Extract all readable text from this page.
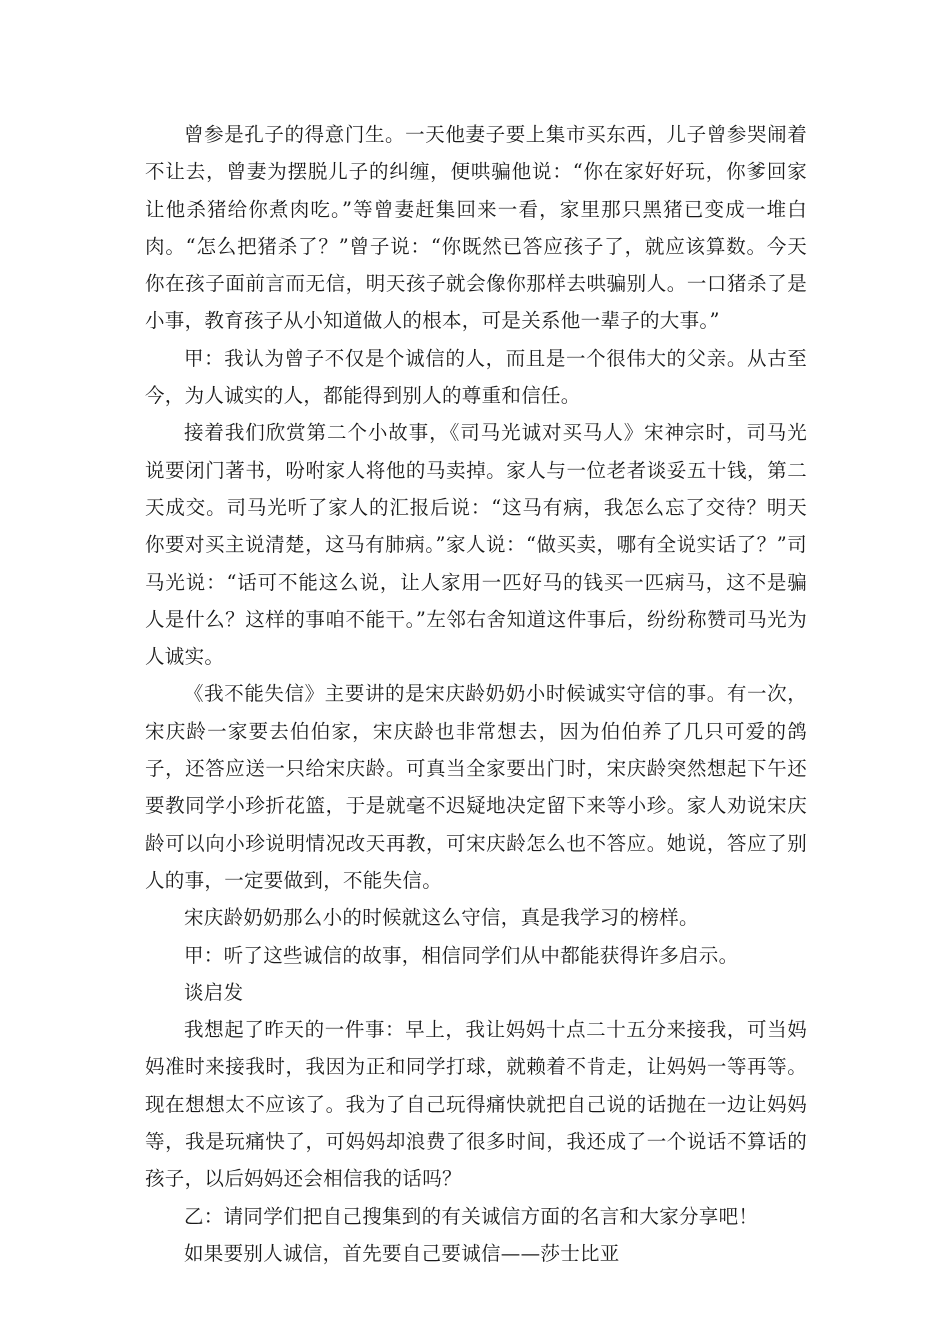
曾参是孔子的得意门生。一天他妻子要上集市买东西，儿子曾参哭闹着不让去，曾妻为摆脱儿子的纠缠，便哄骗他说：“你在家好好玩，你爹回家让他杀猪给你煮肉吃。”等曾妻赶集回来一看，家里那只黑猪已变成一堆白肉。“怎么把猪杀了？”曾子说：“你既然已答应孩子了，就应该算数。今天你在孩子面前言而无信，明天孩子就会像你那样去哄骗别人。一口猪杀了是小事，教育孩子从小知道做人的根本，可是关系他一辈子的大事。”

甲：我认为曾子不仅是个诚信的人，而且是一个很伟大的父亲。从古至今，为人诚实的人，都能得到别人的尊重和信任。

接着我们欣赏第二个小故事，《司马光诚对买马人》宋神宗时，司马光说要闭门著书，吩咐家人将他的马卖掉。家人与一位老者谈妥五十钱，第二天成交。司马光听了家人的汇报后说：“这马有病，我怎么忘了交待？明天你要对买主说清楚，这马有肺病。”家人说：“做买卖，哪有全说实话了？”司马光说：“话可不能这么说，让人家用一匹好马的钱买一匹病马，这不是骗人是什么？这样的事咱不能干。”左邻右舍知道这件事后，纷纷称赞司马光为人诚实。

《我不能失信》主要讲的是宋庆龄奶奶小时候诚实守信的事。有一次，宋庆龄一家要去伯伯家，宋庆龄也非常想去，因为伯伯养了几只可爱的鸽子，还答应送一只给宋庆龄。可真当全家要出门时，宋庆龄突然想起下午还要教同学小珍折花篮，于是就毫不迟疑地决定留下来等小珍。家人劝说宋庆龄可以向小珍说明情况改天再教，可宋庆龄怎么也不答应。她说，答应了别人的事，一定要做到，不能失信。

宋庆龄奶奶那么小的时候就这么守信，真是我学习的榜样。

甲：听了这些诚信的故事，相信同学们从中都能获得许多启示。

谈启发

我想起了昨天的一件事：早上，我让妈妈十点二十五分来接我，可当妈妈准时来接我时，我因为正和同学打球，就赖着不肯走，让妈妈一等再等。现在想想太不应该了。我为了自己玩得痛快就把自己说的话抛在一边让妈妈等，我是玩痛快了，可妈妈却浪费了很多时间，我还成了一个说话不算话的孩子，以后妈妈还会相信我的话吗？

乙：请同学们把自己搜集到的有关诚信方面的名言和大家分享吧！

如果要别人诚信，首先要自己要诚信——莎士比亚
